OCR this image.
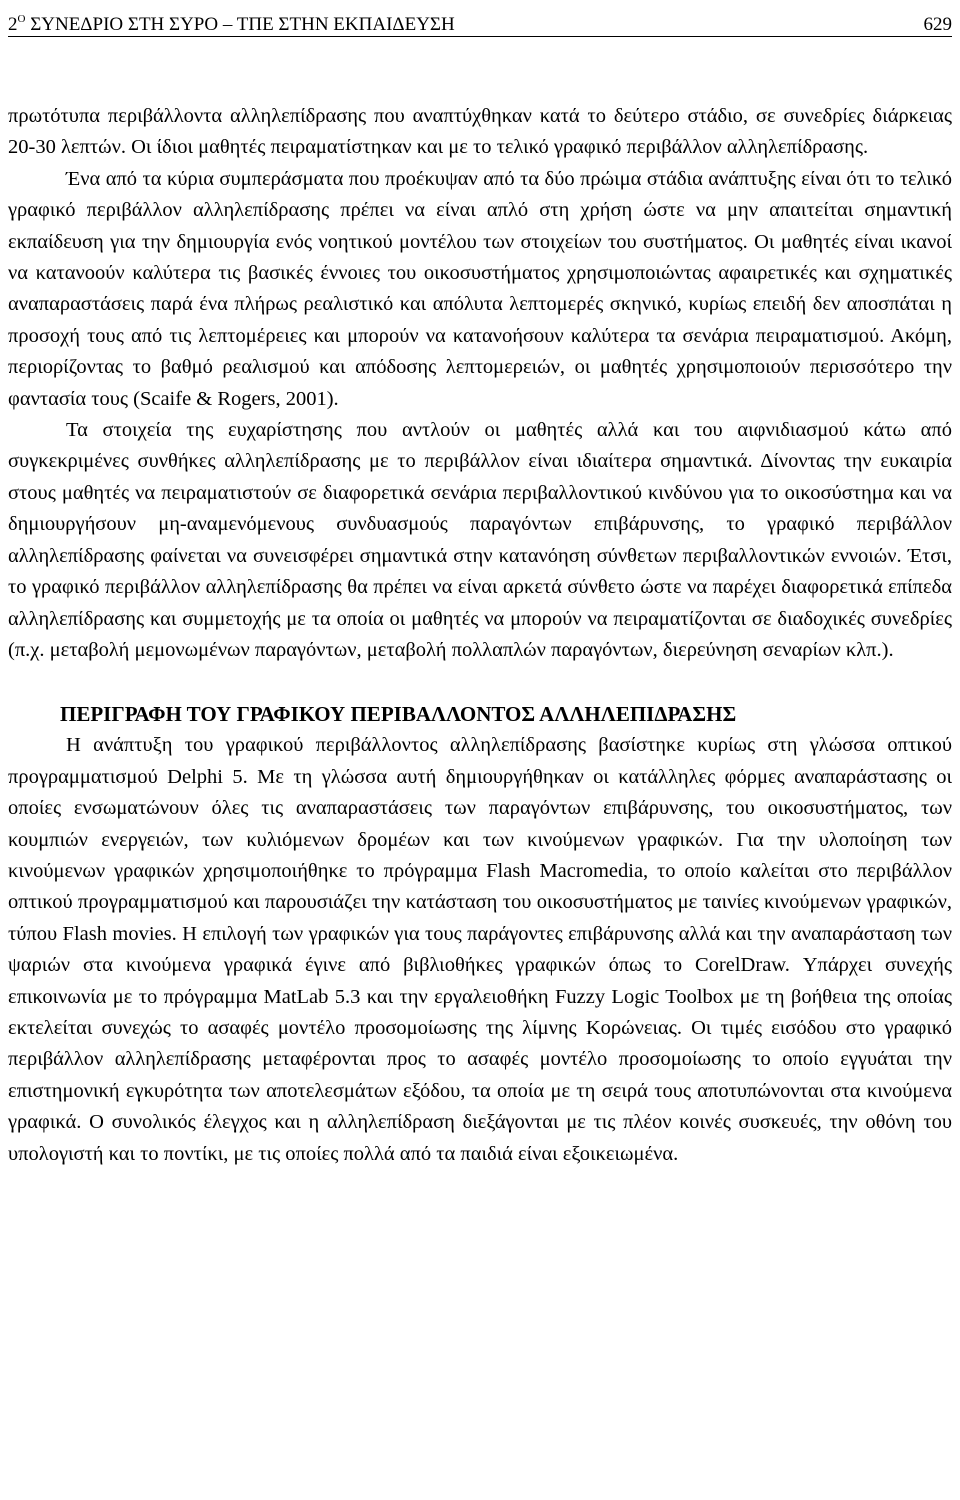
$2^O$ ΣΥΝΕΔΡΙΟ ΣΤΗ ΣΥΡΟ – ΤΠΕ ΣΤΗΝ ΕΚΠΑΙΔΕΥΣΗ	629

πρωτότυπα περιβάλλοντα αλληλεπίδρασης που αναπτύχθηκαν κατά το δεύτερο στάδιο, σε συνεδρίες διάρκειας 20-30 λεπτών. Οι ίδιοι μαθητές πειραματίστηκαν και με το τελικό γραφικό περιβάλλον αλληλεπίδρασης.

Ένα από τα κύρια συμπεράσματα που προέκυψαν από τα δύο πρώιμα στάδια ανάπτυξης είναι ότι το τελικό γραφικό περιβάλλον αλληλεπίδρασης πρέπει να είναι απλό στη χρήση ώστε να μην απαιτείται σημαντική εκπαίδευση για την δημιουργία ενός νοητικού μοντέλου των στοιχείων του συστήματος. Οι μαθητές είναι ικανοί να κατανοούν καλύτερα τις βασικές έννοιες του οικοσυστήματος χρησιμοποιώντας αφαιρετικές και σχηματικές αναπαραστάσεις παρά ένα πλήρως ρεαλιστικό και απόλυτα λεπτομερές σκηνικό, κυρίως επειδή δεν αποσπάται η προσοχή τους από τις λεπτομέρειες και μπορούν να κατανοήσουν καλύτερα τα σενάρια πειραματισμού. Ακόμη, περιορίζοντας το βαθμό ρεαλισμού και απόδοσης λεπτομερειών, οι μαθητές χρησιμοποιούν περισσότερο την φαντασία τους (Scaife & Rogers, 2001).

Τα στοιχεία της ευχαρίστησης που αντλούν οι μαθητές αλλά και του αιφνιδιασμού κάτω από συγκεκριμένες συνθήκες αλληλεπίδρασης με το περιβάλλον είναι ιδιαίτερα σημαντικά. Δίνοντας την ευκαιρία στους μαθητές να πειραματιστούν σε διαφορετικά σενάρια περιβαλλοντικού κινδύνου για το οικοσύστημα και να δημιουργήσουν μη-αναμενόμενους συνδυασμούς παραγόντων επιβάρυνσης, το γραφικό περιβάλλον αλληλεπίδρασης φαίνεται να συνεισφέρει σημαντικά στην κατανόηση σύνθετων περιβαλλοντικών εννοιών. Έτσι, το γραφικό περιβάλλον αλληλεπίδρασης θα πρέπει να είναι αρκετά σύνθετο ώστε να παρέχει διαφορετικά επίπεδα αλληλεπίδρασης και συμμετοχής με τα οποία οι μαθητές να μπορούν να πειραματίζονται σε διαδοχικές συνεδρίες (π.χ. μεταβολή μεμονωμένων παραγόντων, μεταβολή πολλαπλών παραγόντων, διερεύνηση σεναρίων κλπ.).

ΠΕΡΙΓΡΑΦΗ ΤΟΥ ΓΡΑΦΙΚΟΥ ΠΕΡΙΒΑΛΛΟΝΤΟΣ ΑΛΛΗΛΕΠΙΔΡΑΣΗΣ

Η ανάπτυξη του γραφικού περιβάλλοντος αλληλεπίδρασης βασίστηκε κυρίως στη γλώσσα οπτικού προγραμματισμού Delphi 5. Με τη γλώσσα αυτή δημιουργήθηκαν οι κατάλληλες φόρμες αναπαράστασης οι οποίες ενσωματώνουν όλες τις αναπαραστάσεις των παραγόντων επιβάρυνσης, του οικοσυστήματος, των κουμπιών ενεργειών, των κυλιόμενων δρομέων και των κινούμενων γραφικών. Για την υλοποίηση των κινούμενων γραφικών χρησιμοποιήθηκε το πρόγραμμα Flash Macromedia, το οποίο καλείται στο περιβάλλον οπτικού προγραμματισμού και παρουσιάζει την κατάσταση του οικοσυστήματος με ταινίες κινούμενων γραφικών, τύπου Flash movies. Η επιλογή των γραφικών για τους παράγοντες επιβάρυνσης αλλά και την αναπαράσταση των ψαριών στα κινούμενα γραφικά έγινε από βιβλιοθήκες γραφικών όπως το CorelDraw. Υπάρχει συνεχής επικοινωνία με το πρόγραμμα MatLab 5.3 και την εργαλειοθήκη Fuzzy Logic Toolbox με τη βοήθεια της οποίας εκτελείται συνεχώς το ασαφές μοντέλο προσομοίωσης της λίμνης Κορώνειας. Οι τιμές εισόδου στο γραφικό περιβάλλον αλληλεπίδρασης μεταφέρονται προς το ασαφές μοντέλο προσομοίωσης το οποίο εγγυάται την επιστημονική εγκυρότητα των αποτελεσμάτων εξόδου, τα οποία με τη σειρά τους αποτυπώνονται στα κινούμενα γραφικά. Ο συνολικός έλεγχος και η αλληλεπίδραση διεξάγονται με τις πλέον κοινές συσκευές, την οθόνη του υπολογιστή και το ποντίκι, με τις οποίες πολλά από τα παιδιά είναι εξοικειωμένα.
